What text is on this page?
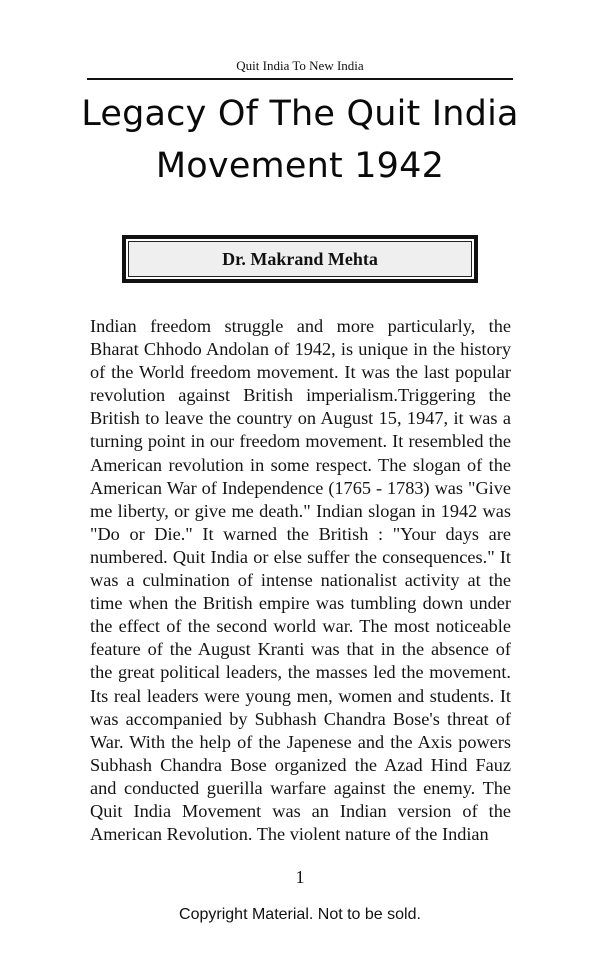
Quit India To New India
Legacy Of The Quit India Movement 1942
Dr. Makrand Mehta

Indian freedom struggle and more particularly, the Bharat Chhodo Andolan of 1942, is unique in the history of the World freedom movement. It was the last popular revolution against British imperialism.Triggering the British to leave the country on August 15, 1947, it was a turning point in our freedom movement. It resembled the American revolution in some respect. The slogan of the American War of Independence (1765 - 1783) was "Give me liberty, or give me death." Indian slogan in 1942 was "Do or Die." It warned the British : "Your days are numbered. Quit India or else suffer the consequences." It was a culmination of intense nationalist activity at the time when the British empire was tumbling down under the effect of the second world war. The most noticeable feature of the August Kranti was that in the absence of the great political leaders, the masses led the movement. Its real leaders were young men, women and students. It was accompanied by Subhash Chandra Bose's threat of War. With the help of the Japenese and the Axis powers Subhash Chandra Bose organized the Azad Hind Fauz and conducted guerilla warfare against the enemy. The Quit India Movement was an Indian version of the American Revolution. The violent nature of the Indian

1
Copyright Material. Not to be sold.
